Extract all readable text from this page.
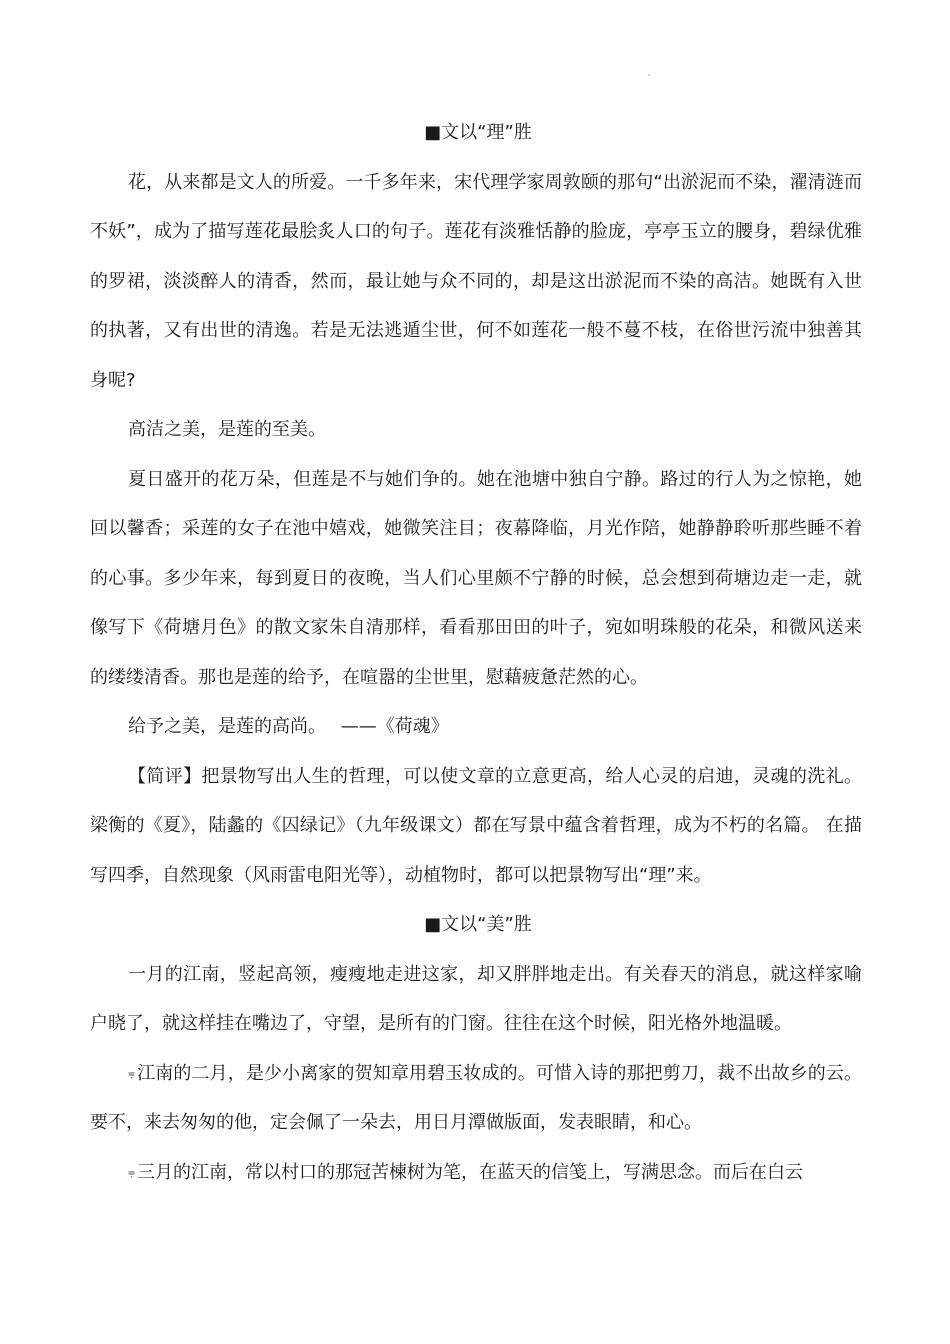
■文以“理”胜

花，从来都是文人的所爱。一千多年来，宋代理学家周敦颐的那句“出淤泥而不染，濯清涟而不妖”，成为了描写莲花最脍炙人口的句子。莲花有淡雅恬静的脸庞，亭亭玉立的腰身，碧绿优雅的罗裙，淡淡醉人的清香，然而，最让她与众不同的，却是这出淤泥而不染的高洁。她既有入世的执著，又有出世的清逸。若是无法逃遁尘世，何不如莲花一般不蔓不枝，在俗世污流中独善其身呢?

高洁之美，是莲的至美。

夏日盛开的花万朵，但莲是不与她们争的。她在池塘中独自宁静。路过的行人为之惊艳，她回以馨香；采莲的女子在池中嬉戏，她微笑注目；夜幕降临，月光作陪，她静静聆听那些睡不着的心事。多少年来，每到夏日的夜晚，当人们心里颇不宁静的时候，总会想到荷塘边走一走，就像写下《荷塘月色》的散文家朱自清那样，看看那田田的叶子，宛如明珠般的花朵，和微风送来的缕缕清香。那也是莲的给予，在喧嚣的尘世里，慰藉疲惫茫然的心。

给予之美，是莲的高尚。　 ——《荷魂》

【简评】把景物写出人生的哲理，可以使文章的立意更高，给人心灵的启迪，灵魂的洗礼。梁衡的《夏》，陆蠡的《囚绿记》（九年级课文）都在写景中蕴含着哲理，成为不朽的名篇。 在描写四季，自然现象（风雨雷电阳光等），动植物时，都可以把景物写出“理”来。

■文以“美”胜

一月的江南，竖起高领，瘦瘦地走进这家，却又胖胖地走出。有关春天的消息，就这样家喻户晓了，就这样挂在嘴边了，守望，是所有的门窗。往往在这个时候，阳光格外地温暖。

⩦ 江南的二月，是少小离家的贺知章用碧玉妆成的。可惜入诗的那把剪刀，裁不出故乡的云。要不，来去匆匆的他，定会佩了一朵去，用日月潭做版面，发表眼睛，和心。

⩦ 三月的江南，常以村口的那冠苦楝树为笔，在蓝天的信笺上，写满思念。而后在白云
